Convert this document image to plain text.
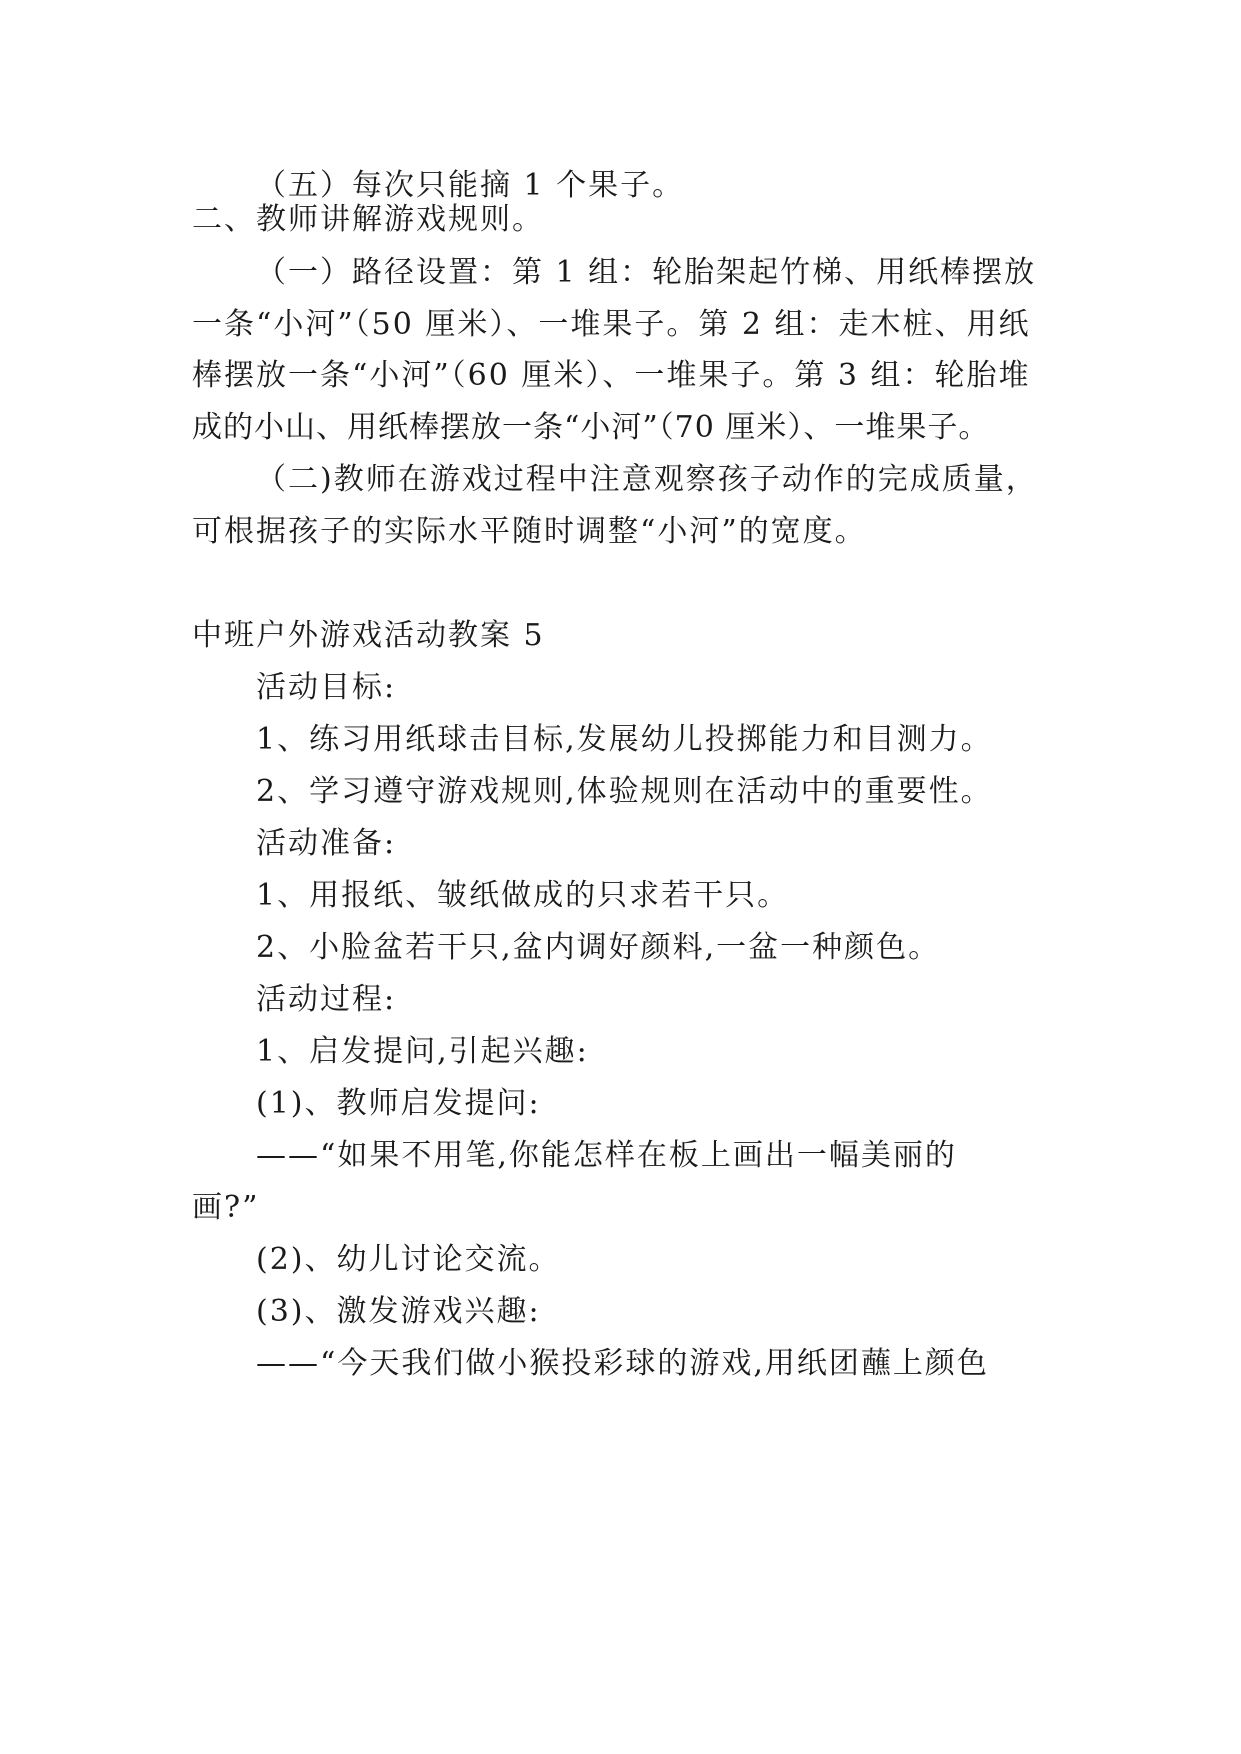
（五）每次只能摘 1 个果子。
二、教师讲解游戏规则。
（一）路径设置：第 1 组：轮胎架起竹梯、用纸棒摆放
一条“小河”（50 厘米）、一堆果子。第 2 组：走木桩、用纸
棒摆放一条“小河”（60 厘米）、一堆果子。第 3 组：轮胎堆
成的小山、用纸棒摆放一条“小河”（70 厘米）、一堆果子。
（二)教师在游戏过程中注意观察孩子动作的完成质量，
可根据孩子的实际水平随时调整“小河”的宽度。
中班户外游戏活动教案 5
活动目标:
1、练习用纸球击目标,发展幼儿投掷能力和目测力。
2、学习遵守游戏规则,体验规则在活动中的重要性。
活动准备:
1、用报纸、皱纸做成的只求若干只。
2、小脸盆若干只,盆内调好颜料,一盆一种颜色。
活动过程:
1、启发提问,引起兴趣:
(1)、教师启发提问:
——“如果不用笔,你能怎样在板上画出一幅美丽的
画?”
(2)、幼儿讨论交流。
(3)、激发游戏兴趣:
——“今天我们做小猴投彩球的游戏,用纸团蘸上颜色
